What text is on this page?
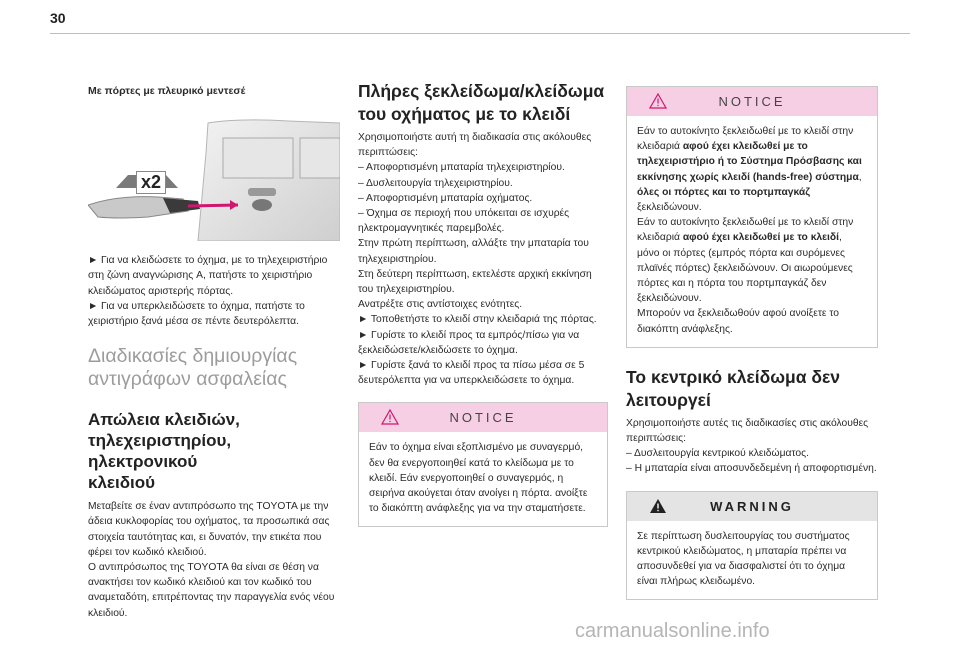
30

Με πόρτες με πλευρικό μεντεσέ

x2

► Για να κλειδώσετε το όχημα, με το τηλεχειριστήριο στη ζώνη αναγνώρισης A, πατήστε το χειριστήριο κλειδώματος αριστερής πόρτας.

► Για να υπερκλειδώσετε το όχημα, πατήστε το χειριστήριο ξανά μέσα σε πέντε δευτερόλεπτα.

Διαδικασίες δημιουργίας
αντιγράφων ασφαλείας
Απώλεια κλειδιών,
τηλεχειριστηρίου, ηλεκτρονικού
κλειδιού

Μεταβείτε σε έναν αντιπρόσωπο της TOYOTA με την άδεια κυκλοφορίας του οχήματος, τα προσωπικά σας στοιχεία ταυτότητας και, ει δυνατόν, την ετικέτα που φέρει τον κωδικό κλειδιού.

Ο αντιπρόσωπος της TOYOTA θα είναι σε θέση να ανακτήσει τον κωδικό κλειδιού και τον κωδικό του αναμεταδότη, επιτρέποντας την παραγγελία ενός νέου κλειδιού.

Πλήρες ξεκλείδωμα/κλείδωμα
του οχήματος με το κλειδί

Χρησιμοποιήστε αυτή τη διαδικασία στις ακόλουθες περιπτώσεις:

– Αποφορτισμένη μπαταρία τηλεχειριστηρίου.

– Δυσλειτουργία τηλεχειριστηρίου.

– Αποφορτισμένη μπαταρία οχήματος.

– Όχημα σε περιοχή που υπόκειται σε ισχυρές ηλεκτρομαγνητικές παρεμβολές.

Στην πρώτη περίπτωση, αλλάξτε την μπαταρία του τηλεχειριστηρίου.

Στη δεύτερη περίπτωση, εκτελέστε αρχική εκκίνηση του τηλεχειριστηρίου.

Ανατρέξτε στις αντίστοιχες ενότητες.

► Τοποθετήστε το κλειδί στην κλειδαριά της πόρτας.

► Γυρίστε το κλειδί προς τα εμπρός/πίσω για να ξεκλειδώσετε/κλειδώσετε το όχημα.

► Γυρίστε ξανά το κλειδί προς τα πίσω μέσα σε 5 δευτερόλεπτα για να υπερκλειδώσετε το όχημα.

NOTICE

Εάν το όχημα είναι εξοπλισμένο με συναγερμό, δεν θα ενεργοποιηθεί κατά το κλείδωμα με το κλειδί. Εάν ενεργοποιηθεί ο συναγερμός, η σειρήνα ακούγεται όταν ανοίγει η πόρτα. ανοίξτε το διακόπτη ανάφλεξης για να την σταματήσετε.

NOTICE

Εάν το αυτοκίνητο ξεκλειδωθεί με το κλειδί στην κλειδαριά αφού έχει κλειδωθεί με το τηλεχειριστήριο ή το Σύστημα Πρόσβασης και εκκίνησης χωρίς κλειδί (hands-free) σύστημα, όλες οι πόρτες και το πορτμπαγκάζ ξεκλειδώνουν.

Εάν το αυτοκίνητο ξεκλειδωθεί με το κλειδί στην κλειδαριά αφού έχει κλειδωθεί με το κλειδί, μόνο οι πόρτες (εμπρός πόρτα και συρόμενες πλαϊνές πόρτες) ξεκλειδώνουν. Οι αιωρούμενες πόρτες και η πόρτα του πορτμπαγκάζ δεν ξεκλειδώνουν.

Μπορούν να ξεκλειδωθούν αφού ανοίξετε το διακόπτη ανάφλεξης.

Το κεντρικό κλείδωμα δεν
λειτουργεί

Χρησιμοποιήστε αυτές τις διαδικασίες στις ακόλουθες περιπτώσεις:

– Δυσλειτουργία κεντρικού κλειδώματος.

– Η μπαταρία είναι αποσυνδεδεμένη ή αποφορτισμένη.

WARNING

Σε περίπτωση δυσλειτουργίας του συστήματος κεντρικού κλειδώματος, η μπαταρία πρέπει να αποσυνδεθεί για να διασφαλιστεί ότι το όχημα είναι πλήρως κλειδωμένο.

carmanualsonline.info
